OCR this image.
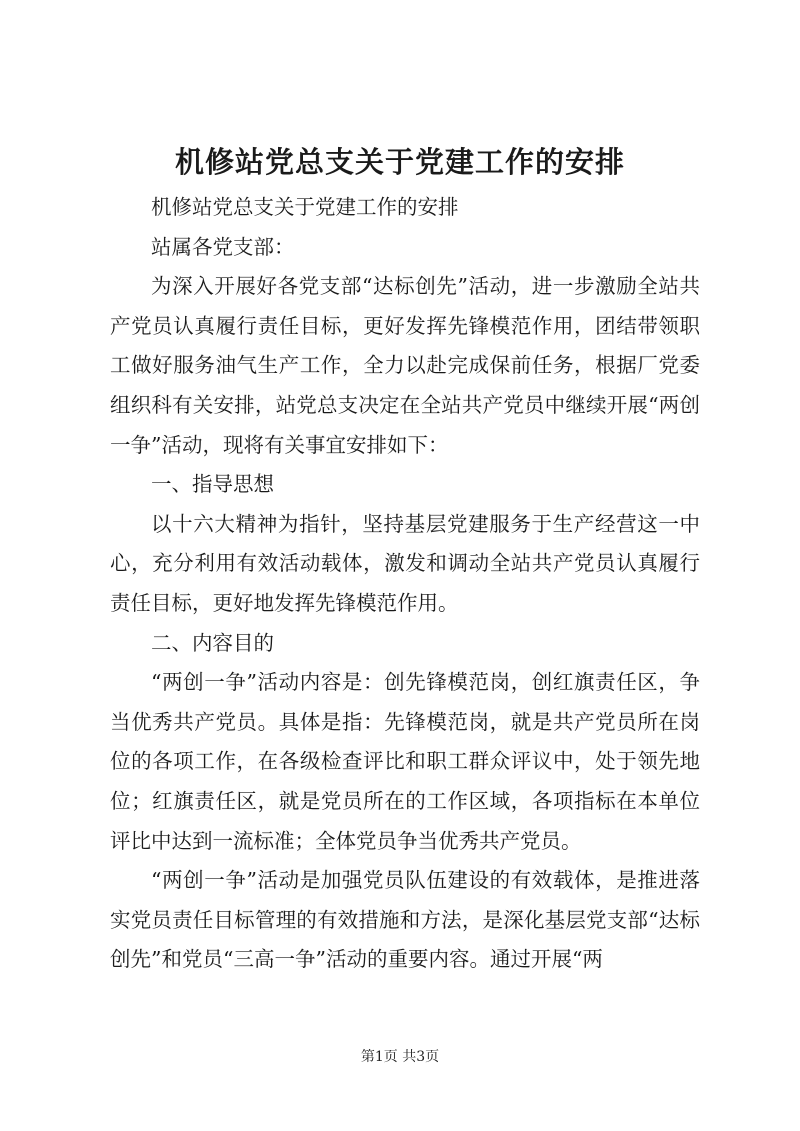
机修站党总支关于党建工作的安排

机修站党总支关于党建工作的安排

站属各党支部：

为深入开展好各党支部“达标创先”活动，进一步激励全站共产党员认真履行责任目标，更好发挥先锋模范作用，团结带领职工做好服务油气生产工作，全力以赴完成保前任务，根据厂党委组织科有关安排，站党总支决定在全站共产党员中继续开展“两创一争”活动，现将有关事宜安排如下：

一、指导思想

以十六大精神为指针，坚持基层党建服务于生产经营这一中心，充分利用有效活动载体，激发和调动全站共产党员认真履行责任目标，更好地发挥先锋模范作用。

二、内容目的

“两创一争”活动内容是：创先锋模范岗，创红旗责任区，争当优秀共产党员。具体是指：先锋模范岗，就是共产党员所在岗位的各项工作，在各级检查评比和职工群众评议中，处于领先地位；红旗责任区，就是党员所在的工作区域，各项指标在本单位评比中达到一流标准；全体党员争当优秀共产党员。

“两创一争”活动是加强党员队伍建设的有效载体，是推进落实党员责任目标管理的有效措施和方法，是深化基层党支部“达标创先”和党员“三高一争”活动的重要内容。通过开展“两

第1页 共3页
